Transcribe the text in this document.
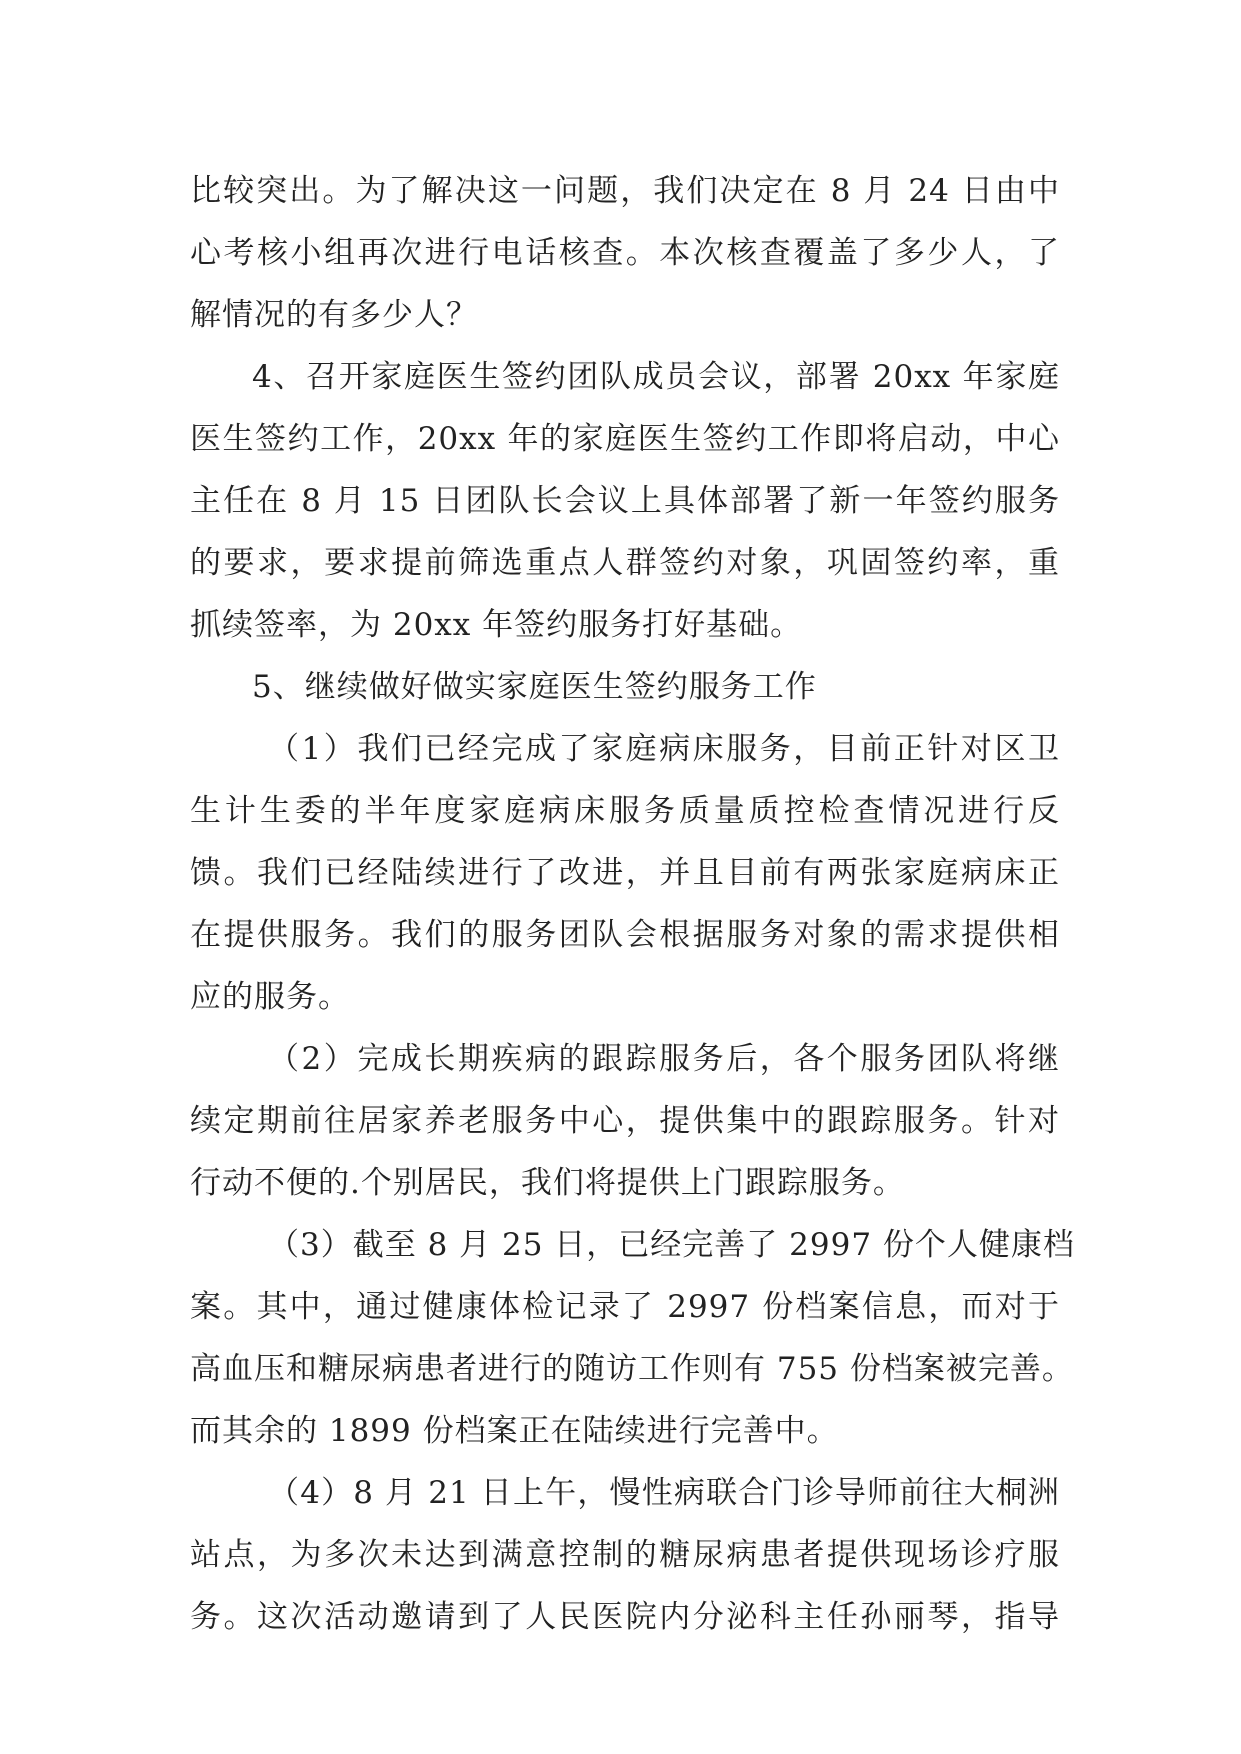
比较突出。为了解决这一问题，我们决定在 8 月 24 日由中
心考核小组再次进行电话核查。本次核查覆盖了多少人，了
解情况的有多少人？
4、召开家庭医生签约团队成员会议，部署 20xx 年家庭
医生签约工作，20xx 年的家庭医生签约工作即将启动，中心
主任在 8 月 15 日团队长会议上具体部署了新一年签约服务
的要求，要求提前筛选重点人群签约对象，巩固签约率，重
抓续签率，为 20xx 年签约服务打好基础。
5、继续做好做实家庭医生签约服务工作
（1）我们已经完成了家庭病床服务，目前正针对区卫
生计生委的半年度家庭病床服务质量质控检查情况进行反
馈。我们已经陆续进行了改进，并且目前有两张家庭病床正
在提供服务。我们的服务团队会根据服务对象的需求提供相
应的服务。
（2）完成长期疾病的跟踪服务后，各个服务团队将继
续定期前往居家养老服务中心，提供集中的跟踪服务。针对
行动不便的.个别居民，我们将提供上门跟踪服务。
（3）截至 8 月 25 日，已经完善了 2997 份个人健康档
案。其中，通过健康体检记录了 2997 份档案信息，而对于
高血压和糖尿病患者进行的随访工作则有 755 份档案被完善。
而其余的 1899 份档案正在陆续进行完善中。
（4）8 月 21 日上午，慢性病联合门诊导师前往大桐洲
站点，为多次未达到满意控制的糖尿病患者提供现场诊疗服
务。这次活动邀请到了人民医院内分泌科主任孙丽琴，指导
